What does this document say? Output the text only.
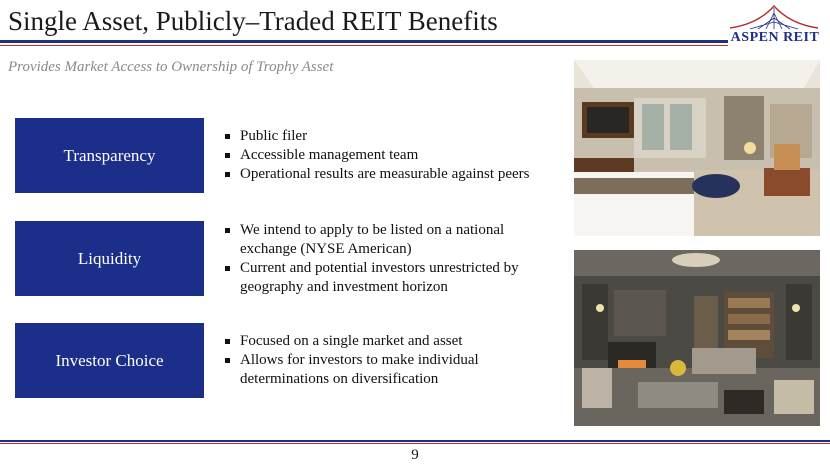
Single Asset, Publicly–Traded REIT Benefits
ASPEN REIT
Provides Market Access to Ownership of Trophy Asset
Transparency
Public filer
Accessible management team
Operational results are measurable against peers
Liquidity
We intend to apply to be listed on a national exchange (NYSE American)
Current and potential investors unrestricted by geography and investment horizon
Investor Choice
Focused on a single market and asset
Allows for investors to make individual determinations on diversification
9
